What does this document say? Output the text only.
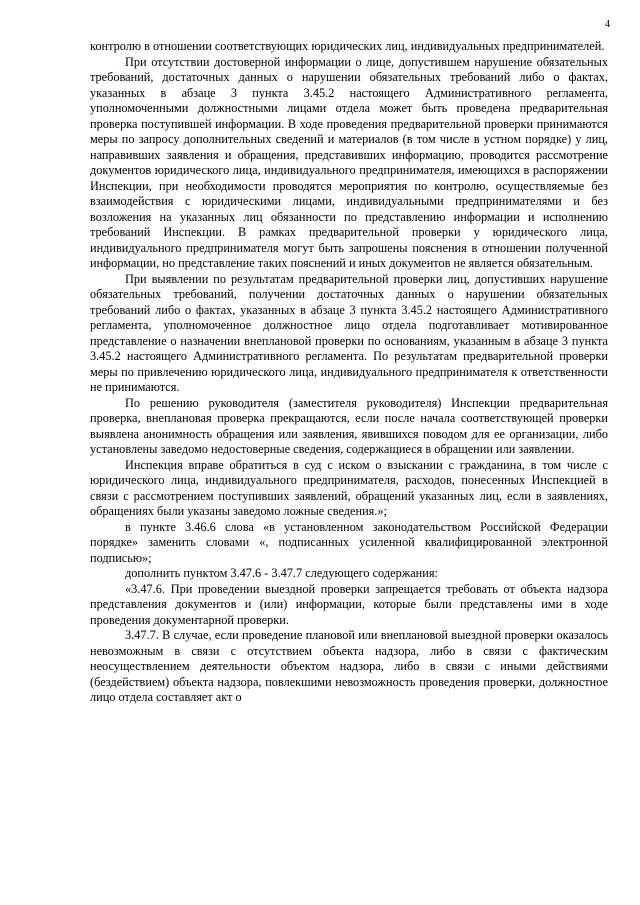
4

контролю в отношении соответствующих юридических лиц, индивидуальных предпринимателей.

При отсутствии достоверной информации о лице, допустившем нарушение обязательных требований, достаточных данных о нарушении обязательных требований либо о фактах, указанных в абзаце 3 пункта 3.45.2 настоящего Административного регламента, уполномоченными должностными лицами отдела может быть проведена предварительная проверка поступившей информации. В ходе проведения предварительной проверки принимаются меры по запросу дополнительных сведений и материалов (в том числе в устном порядке) у лиц, направивших заявления и обращения, представивших информацию, проводится рассмотрение документов юридического лица, индивидуального предпринимателя, имеющихся в распоряжении Инспекции, при необходимости проводятся мероприятия по контролю, осуществляемые без взаимодействия с юридическими лицами, индивидуальными предпринимателями и без возложения на указанных лиц обязанности по представлению информации и исполнению требований Инспекции. В рамках предварительной проверки у юридического лица, индивидуального предпринимателя могут быть запрошены пояснения в отношении полученной информации, но представление таких пояснений и иных документов не является обязательным.

При выявлении по результатам предварительной проверки лиц, допустивших нарушение обязательных требований, получении достаточных данных о нарушении обязательных требований либо о фактах, указанных в абзаце 3 пункта 3.45.2 настоящего Административного регламента, уполномоченное должностное лицо отдела подготавливает мотивированное представление о назначении внеплановой проверки по основаниям, указанным в абзаце 3 пункта 3.45.2 настоящего Административного регламента. По результатам предварительной проверки меры по привлечению юридического лица, индивидуального предпринимателя к ответственности не принимаются.

По решению руководителя (заместителя руководителя) Инспекции предварительная проверка, внеплановая проверка прекращаются, если после начала соответствующей проверки выявлена анонимность обращения или заявления, явившихся поводом для ее организации, либо установлены заведомо недостоверные сведения, содержащиеся в обращении или заявлении.

Инспекция вправе обратиться в суд с иском о взыскании с гражданина, в том числе с юридического лица, индивидуального предпринимателя, расходов, понесенных Инспекцией в связи с рассмотрением поступивших заявлений, обращений указанных лиц, если в заявлениях, обращениях были указаны заведомо ложные сведения.»;

в пункте 3.46.6 слова «в установленном законодательством Российской Федерации порядке» заменить словами «, подписанных усиленной квалифицированной электронной подписью»;

дополнить пунктом 3.47.6 - 3.47.7 следующего содержания:

«3.47.6. При проведении выездной проверки запрещается требовать от объекта надзора представления документов и (или) информации, которые были представлены ими в ходе проведения документарной проверки.

3.47.7. В случае, если проведение плановой или внеплановой выездной проверки оказалось невозможным в связи с отсутствием объекта надзора, либо в связи с фактическим неосуществлением деятельности объектом надзора, либо в связи с иными действиями (бездействием) объекта надзора, повлекшими невозможность проведения проверки, должностное лицо отдела составляет акт о
